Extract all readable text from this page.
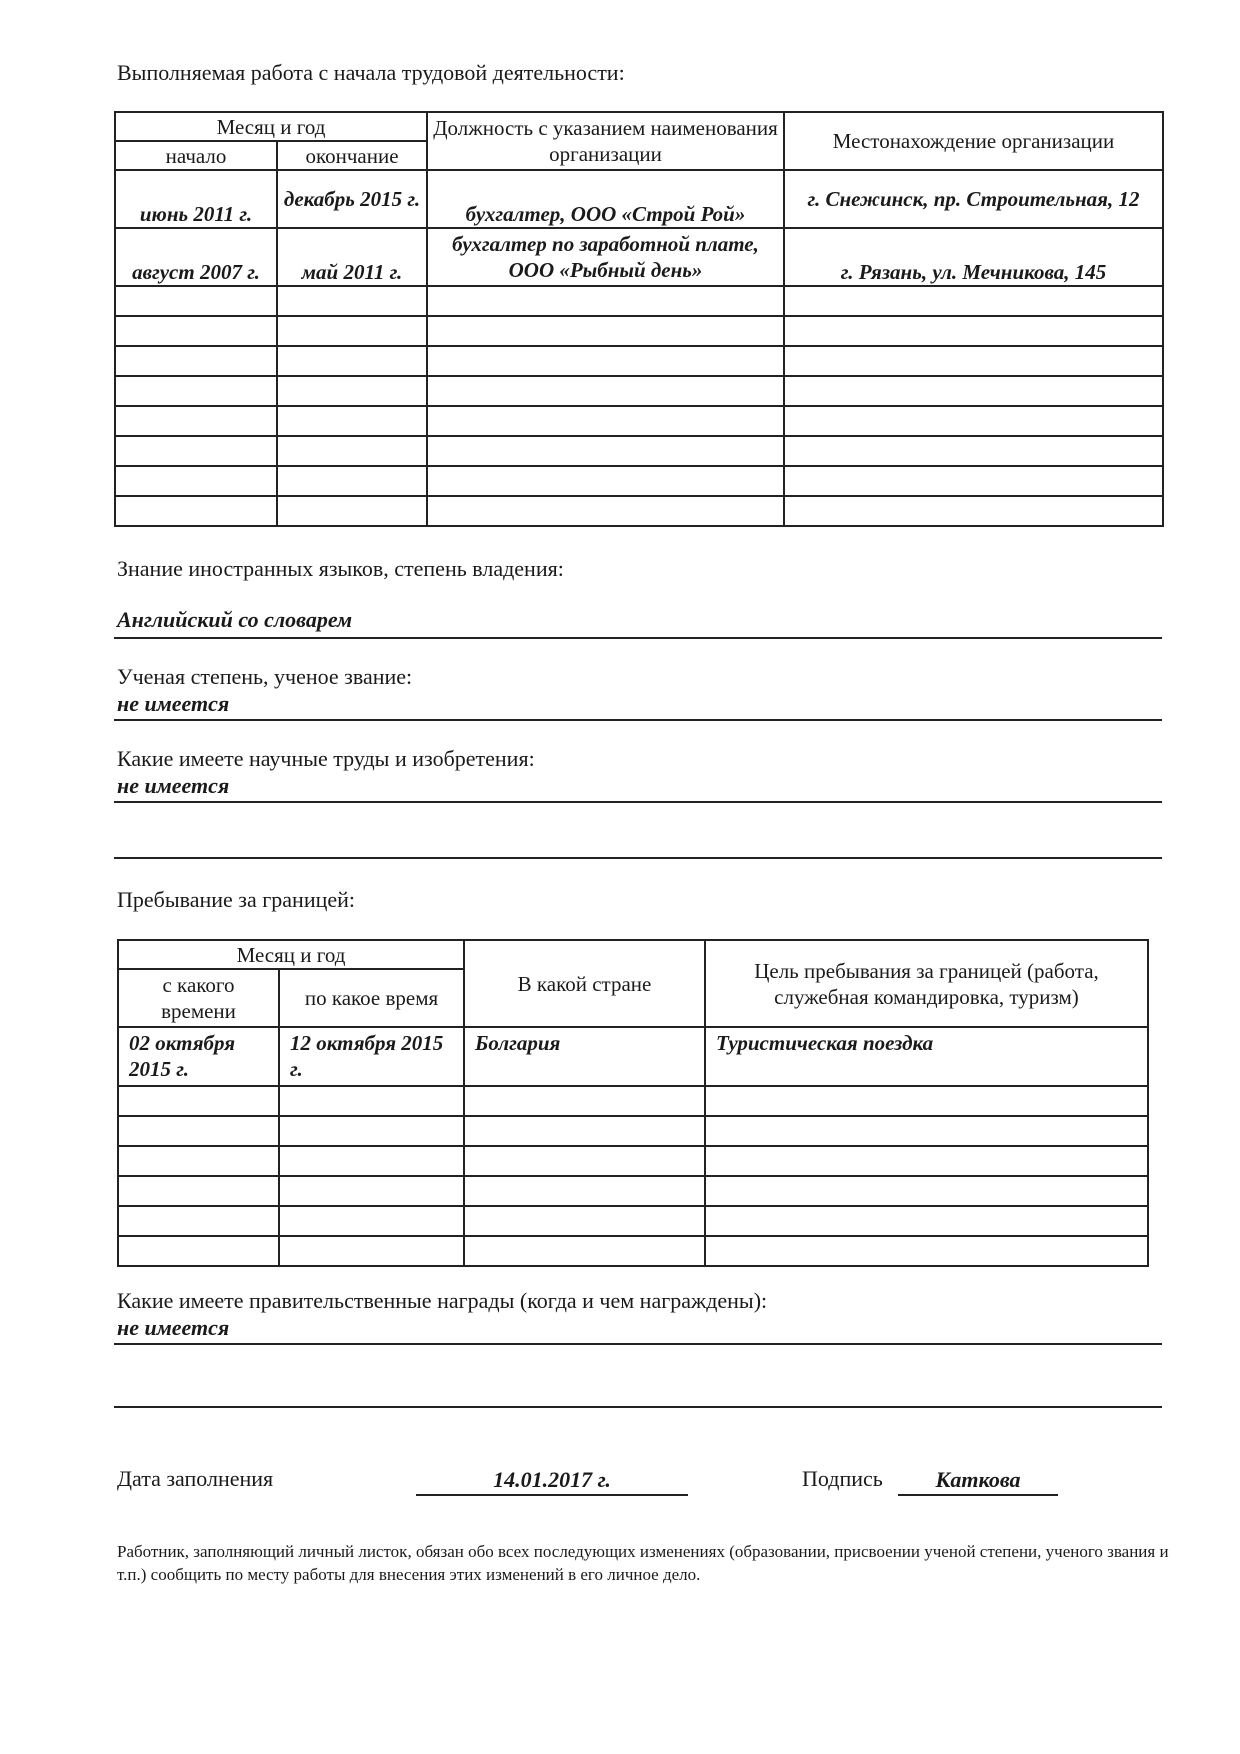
Выполняемая работа с начала трудовой деятельности:
Месяц и год		Должность с указанием наименования организации	Местонахождение организации
начало	окончание		
июнь 2011 г.	декабрь 2015 г.	бухгалтер, ООО «Строй Рой»	г. Снежинск, пр. Строительная, 12
август 2007 г.	май 2011 г.	бухгалтер по заработной плате, ООО «Рыбный день»	г. Рязань, ул. Мечникова, 145

Знание иностранных языков, степень владения:
Английский со словарем
Ученая степень, ученое звание:
не имеется
Какие имеете научные труды и изобретения:
не имеется
Пребывание за границей:
Месяц и год		В какой стране	Цель пребывания за границей (работа, служебная командировка, туризм)
с какого времени	по какое время		
02 октября 2015 г.	12 октября 2015 г.	Болгария	Туристическая поездка

Какие имеете правительственные награды (когда и чем награждены):
не имеется
Дата заполнения	14.01.2017 г.	Подпись	Каткова
Работник, заполняющий личный листок, обязан обо всех последующих изменениях (образовании, присвоении ученой степени, ученого звания и т.п.) сообщить по месту работы для внесения этих изменений в его личное дело.
